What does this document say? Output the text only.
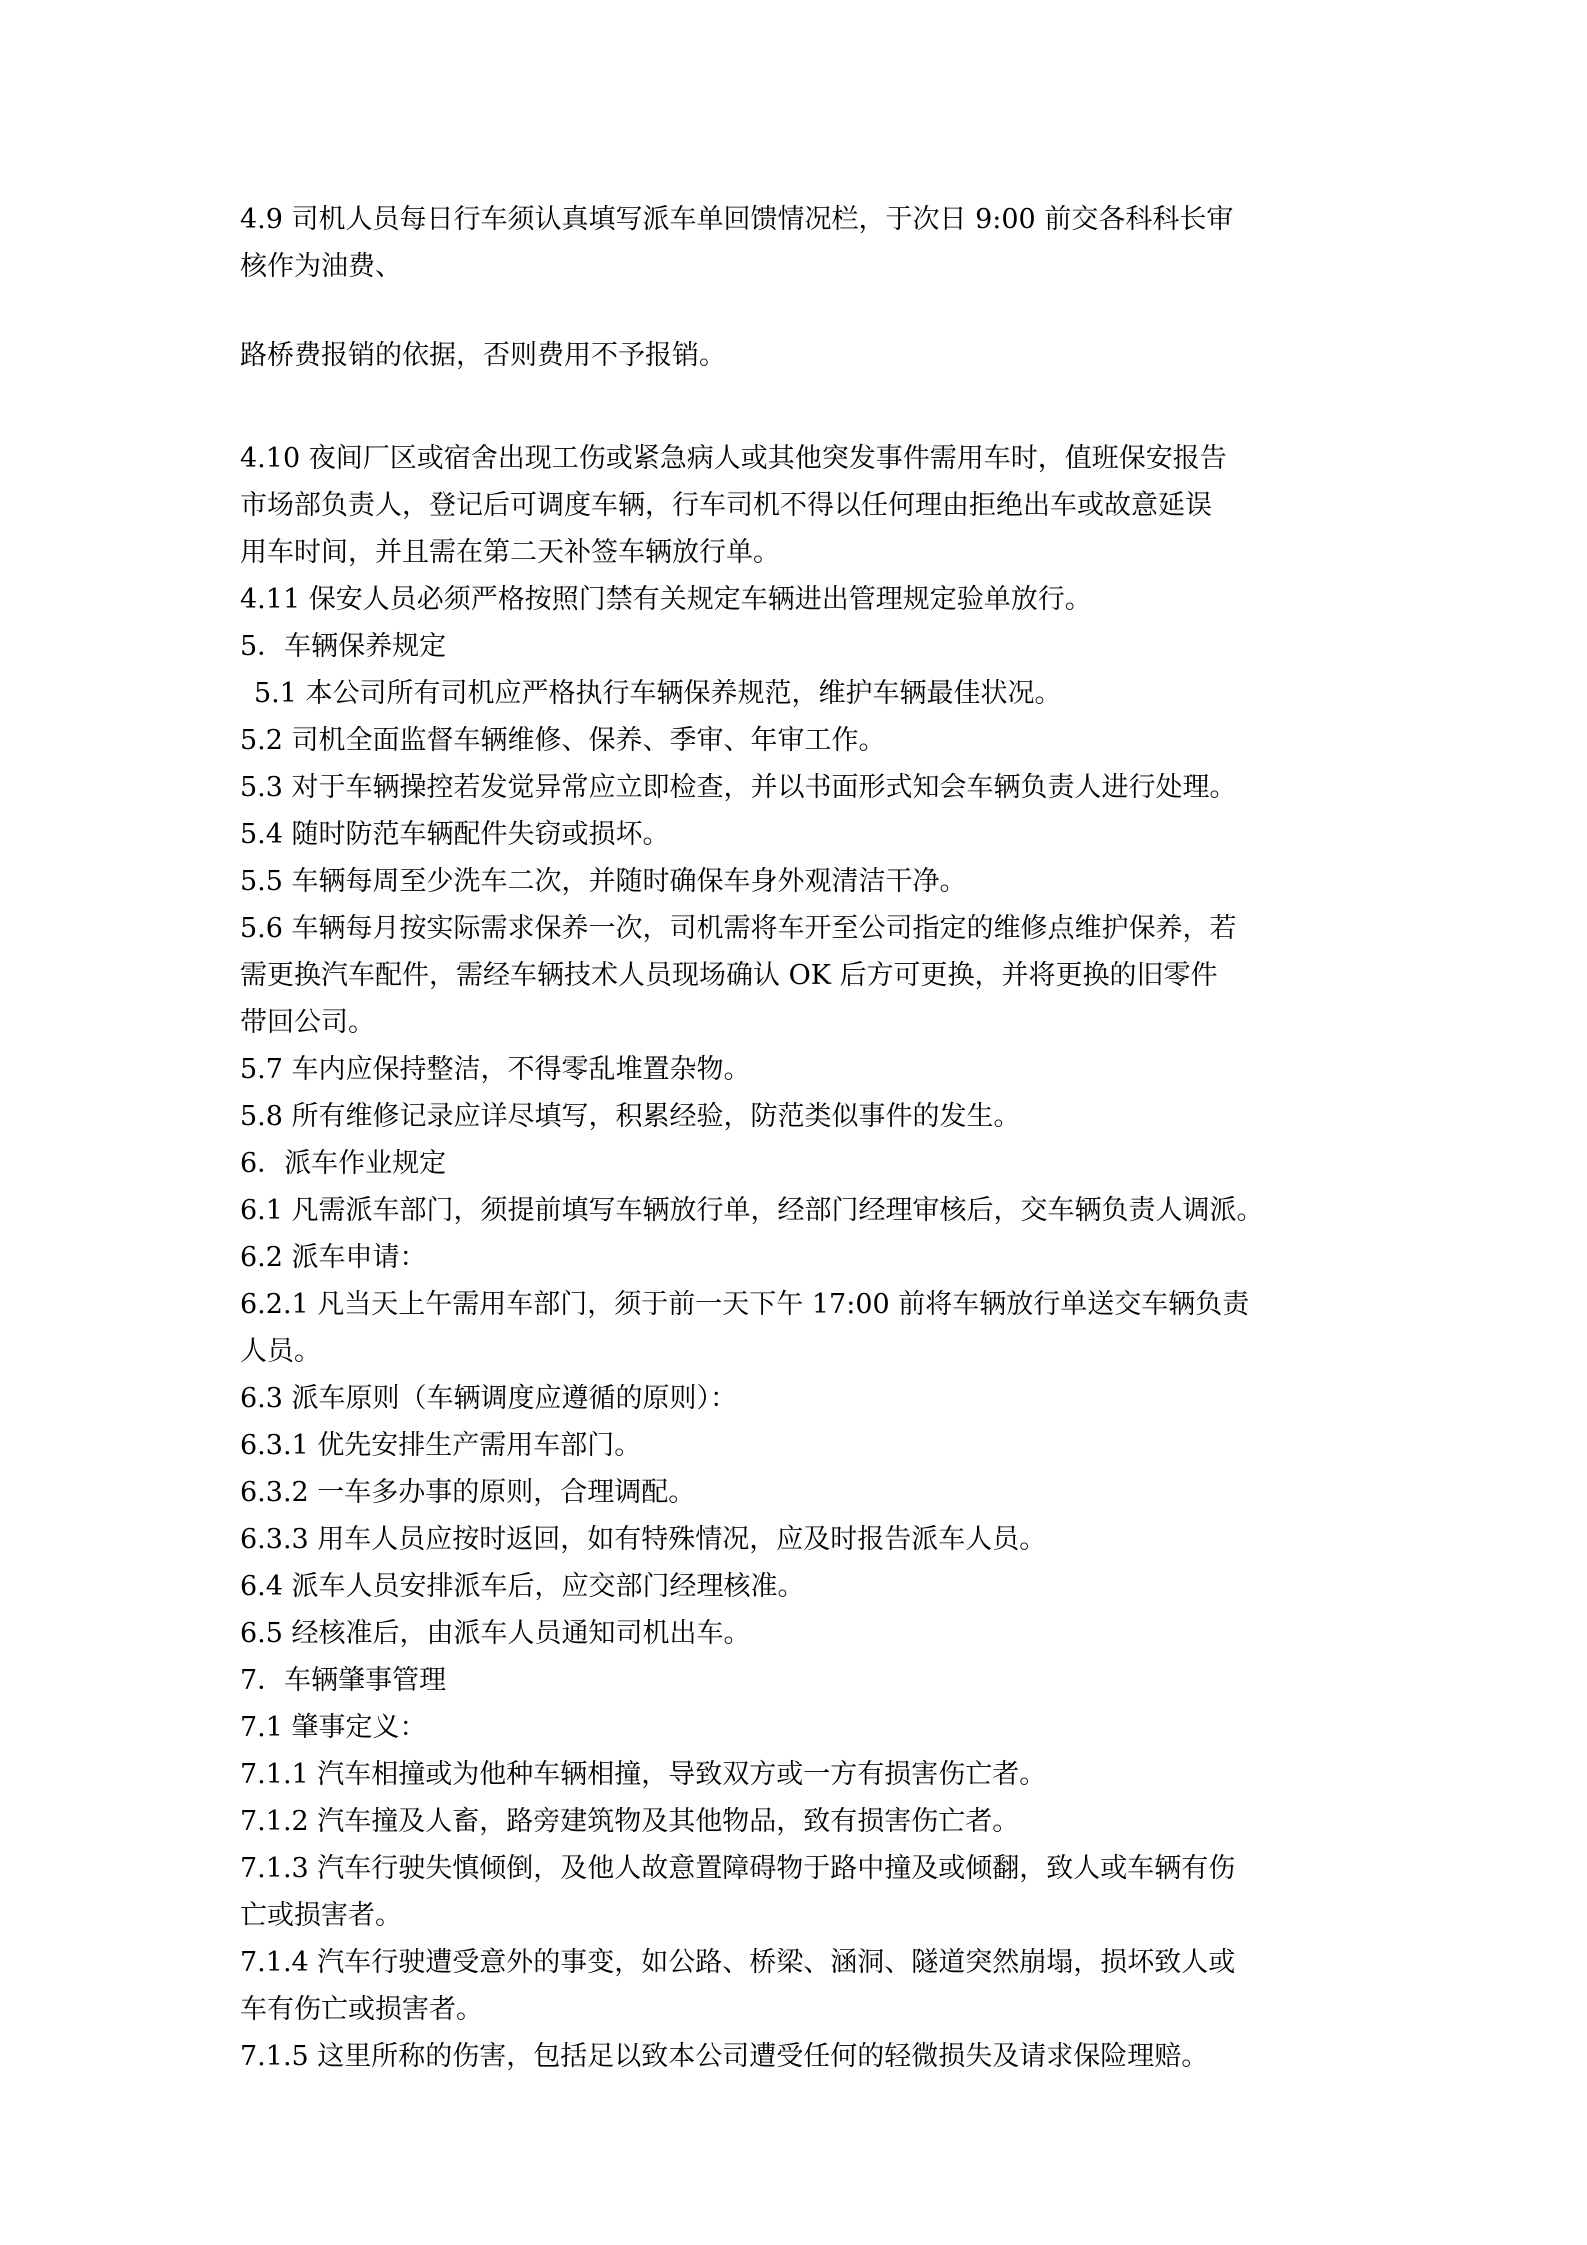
4.9 司机人员每日行车须认真填写派车单回馈情况栏，于次日 9:00 前交各科科长审

核作为油费、

路桥费报销的依据，否则费用不予报销。

4.10 夜间厂区或宿舍出现工伤或紧急病人或其他突发事件需用车时，值班保安报告

市场部负责人，登记后可调度车辆，行车司机不得以任何理由拒绝出车或故意延误

用车时间，并且需在第二天补签车辆放行单。

4.11 保安人员必须严格按照门禁有关规定车辆进出管理规定验单放行。

5．车辆保养规定

5.1 本公司所有司机应严格执行车辆保养规范，维护车辆最佳状况。

5.2 司机全面监督车辆维修、保养、季审、年审工作。

5.3 对于车辆操控若发觉异常应立即检查，并以书面形式知会车辆负责人进行处理。

5.4 随时防范车辆配件失窃或损坏。

5.5 车辆每周至少洗车二次，并随时确保车身外观清洁干净。

5.6 车辆每月按实际需求保养一次，司机需将车开至公司指定的维修点维护保养，若

需更换汽车配件，需经车辆技术人员现场确认 OK 后方可更换，并将更换的旧零件

带回公司。

5.7 车内应保持整洁，不得零乱堆置杂物。

5.8 所有维修记录应详尽填写，积累经验，防范类似事件的发生。

6．派车作业规定

6.1 凡需派车部门，须提前填写车辆放行单，经部门经理审核后，交车辆负责人调派。

6.2 派车申请：

6.2.1 凡当天上午需用车部门，须于前一天下午 17:00 前将车辆放行单送交车辆负责

人员。

6.3 派车原则（车辆调度应遵循的原则）：

6.3.1 优先安排生产需用车部门。

6.3.2 一车多办事的原则，合理调配。

6.3.3 用车人员应按时返回，如有特殊情况，应及时报告派车人员。

6.4 派车人员安排派车后，应交部门经理核准。

6.5 经核准后，由派车人员通知司机出车。

7．车辆肇事管理

7.1 肇事定义：

7.1.1 汽车相撞或为他种车辆相撞，导致双方或一方有损害伤亡者。

7.1.2 汽车撞及人畜，路旁建筑物及其他物品，致有损害伤亡者。

7.1.3 汽车行驶失慎倾倒，及他人故意置障碍物于路中撞及或倾翻，致人或车辆有伤

亡或损害者。

7.1.4 汽车行驶遭受意外的事变，如公路、桥梁、涵洞、隧道突然崩塌，损坏致人或

车有伤亡或损害者。

7.1.5 这里所称的伤害，包括足以致本公司遭受任何的轻微损失及请求保险理赔。
